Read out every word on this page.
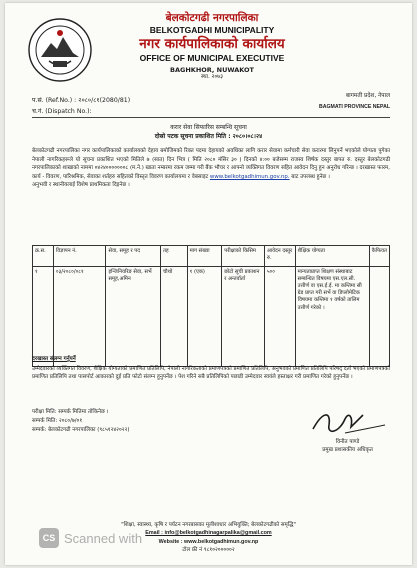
बेलकोटगढी नगरपालिका
BELKOTGADHI MUNICIPALITY
नगर कार्यपालिकाको कार्यालय
OFFICE OF MUNICIPAL EXECUTIVE
BAGHKHOR, NUWAKOT
स्था. २०७३
प.सं. (Ref.No.) : २०८०/८१(2080/81)
च.नं. (Dispatch No.):
बागमती प्रदेश, नेपाल
BAGMATI PROVINCE NEPAL
करार सेवा सिफारिस सम्बन्धि सूचना
दोस्रो पटक सूचना प्रकाशित मिति : २०८०।०८।२४
बेलकोटगढी नगरपालिका नगर कार्यपालिकाको कार्यालयको देहाय बमोजिमको रिक्त पदमा देहायको अवधिका लागि करार सेवामा कर्मचारी सेवा करारमा लिनुपर्ने भएकोले योग्यता पुगेका नेपाली नागरिकहरूले यो सूचना प्रकाशित भएको मितिले ७ (सात) दिन भित्र ( मिति २०८० मंसिर ३० ) दिनको ४:०० बजेसम्म राजस्व शिर्षक दस्तुर बापत रु. दस्तुर बेलकोटगढी नगरपालिकाको शाखाको नाममा ०४२४०००००००८ (म.ने.) खाता नम्बरमा रकम जम्मा गरी बैंक भौचर र आफ्नो व्यक्तिगत विवरण सहित आवेदन दिनु हुन अनुरोध गरिन्छ । दरखास्त फारम, कार्य - विवरण, पारिश्रमिक, सेवाका शर्तहरु सहितको विस्तृत विवरण कार्यालयमा र वेबसाइट www.belkotgadhimun.gov.np. बाट उपलब्ध हुनेछ ।
अनुभवी र स्थानीयलाई विशेष प्राथमिकता दिइनेछ ।
क्र.स.	विज्ञापन नं.	सेवा, समूह र पद	तह	माग संख्या	परीक्षाको किसिम	आवेदन दस्तुर रु.	शैक्षिक योग्यता	कैफियत
१	०३/२०८०/०८१	इन्जिनियरिङ सेवा, सर्भे समूह,अमिन	चौथो	१ (एक)	छोटो सूची प्रकाशन र अन्तर्वार्ता	५००	मान्यताप्राप्त शिक्षण संस्थाबाट सम्बन्धित विषयमा एस.एल.सी. उत्तीर्ण वा एस.ई.ई. मा कम्तिमा सी ग्रेड प्राप्त गरी सर्भे वा डिप्लोमेटिक विषयमा कम्तिमा १ वर्षको तालिम उत्तीर्ण गरेको ।	
दरखास्त संलग्न गर्नुपर्ने
उम्मेदवारको व्यक्तिगत विवरण, शैक्षिक योग्यताको प्रमाणित प्रतिलिपि, नेपाली नागरिकताको प्रमाणपत्रको प्रमाणित प्रतिलिपि, अनुभवको प्रमाणित प्रतिलिपि परिषद् दर्ता भएको प्रमाणपत्रको प्रमाणित प्रतिलिपि तथा पासपोर्ट आकारको दुई प्रति फोटो संलग्न हुनुपर्नेछ । पेश गरिने सबै प्रतिलिपिको पछाडी उम्मेदवार स्वयंले हस्ताक्षर गरी प्रमाणित गरेको हुनुपर्नेछ ।
परीक्षा मिति: सम्पर्क मितिमा तोकिनेछ ।
सम्पर्क मिति: २०८०/७/०१
सम्पर्क: बेलकोटगढी नगरपालिका (९८५१२४२०२२)
विनीत पाण्डे
प्रमुख प्रशासकीय अधिकृत
"शिक्षा, स्वास्थ्य, कृषि र पर्यटन नगरबासका मूलीशाधार अभियुक्ति; बेलकोटगढीको समृद्धि"
Email : info@belkotgadhinagarpalika@gmail.com
Website : www.belkotgadhimun.gov.np
टोल फ्री नं ९८१०२०००००२
CS Scanned with
